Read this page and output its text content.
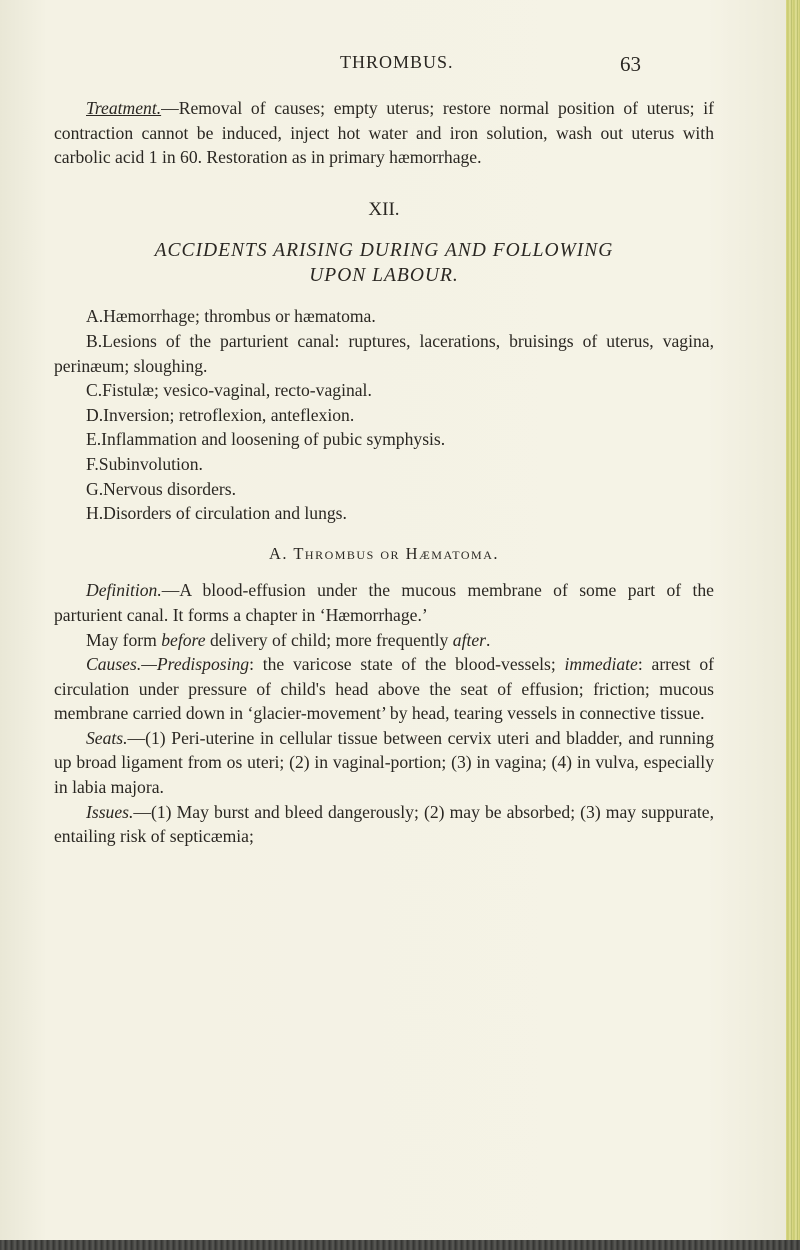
THROMBUS.	63

Treatment.—Removal of causes; empty uterus; restore normal position of uterus; if contraction cannot be induced, inject hot water and iron solution, wash out uterus with carbolic acid 1 in 60. Restoration as in primary hæmorrhage.

XII.
ACCIDENTS ARISING DURING AND FOLLOWING
UPON LABOUR.

A.Hæmorrhage; thrombus or hæmatoma.

B.Lesions of the parturient canal: ruptures, lacerations, bruisings of uterus, vagina, perinæum; sloughing.

C.Fistulæ; vesico-vaginal, recto-vaginal.

D.Inversion; retroflexion, anteflexion.

E.Inflammation and loosening of pubic symphysis.

F.Subinvolution.

G.Nervous disorders.

H.Disorders of circulation and lungs.

A. Thrombus or Hæmatoma.

Definition.—A blood-effusion under the mucous membrane of some part of the parturient canal. It forms a chapter in ‘Hæmorrhage.’

May form before delivery of child; more frequently after.

Causes.—Predisposing: the varicose state of the blood-vessels; immediate: arrest of circulation under pressure of child's head above the seat of effusion; friction; mucous membrane carried down in ‘glacier-movement’ by head, tearing vessels in connective tissue.

Seats.—(1) Peri-uterine in cellular tissue between cervix uteri and bladder, and running up broad ligament from os uteri; (2) in vaginal-portion; (3) in vagina; (4) in vulva, especially in labia majora.

Issues.—(1) May burst and bleed dangerously; (2) may be absorbed; (3) may suppurate, entailing risk of septicæmia;
